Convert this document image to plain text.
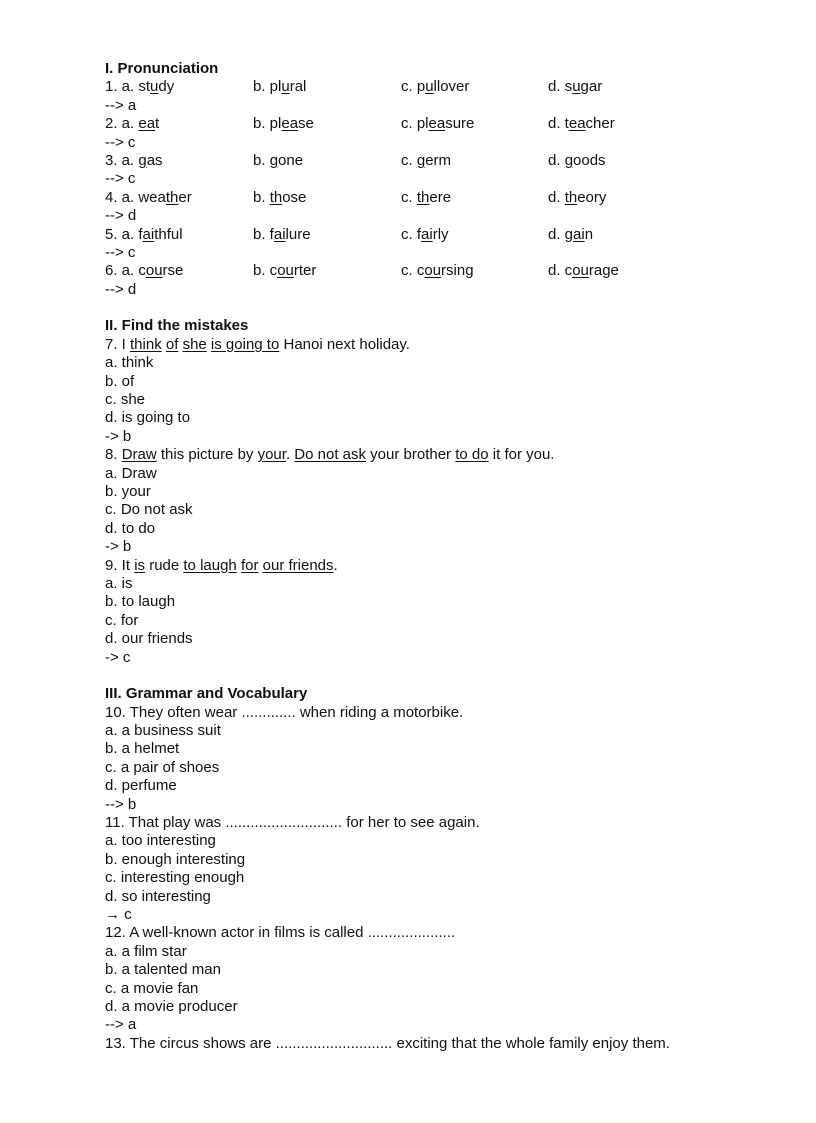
I. Pronunciation
1. a. study	b. plural	c. pullover	d. sugar
--> a
2. a. eat	b. please	c. pleasure	d. teacher
--> c
3. a. gas	b. gone	c. germ	d. goods
--> c
4. a. weather	b. those	c. there	d. theory
--> d
5. a. faithful	b. failure	c. fairly	d. gain
--> c
6. a. course	b. courter	c. coursing	d. courage
--> d
II. Find the mistakes
7. I think of she is going to Hanoi next holiday.
a. think
b. of
c. she
d. is going to
-> b
8. Draw this picture by your. Do not ask your brother to do it for you.
a. Draw
b. your
c. Do not ask
d. to do
-> b
9. It is rude to laugh for our friends.
a. is
b. to laugh
c. for
d. our friends
-> c
III. Grammar and Vocabulary
10. They often wear ............. when riding a motorbike.
a. a business suit
b. a helmet
c. a pair of shoes
d. perfume
--> b
11. That play was ............................ for her to see again.
a. too interesting
b. enough interesting
c. interesting enough
d. so interesting
→ c
12. A well-known actor in films is called .....................
a. a film star
b. a talented man
c. a movie fan
d. a movie producer
--> a
13. The circus shows are ............................ exciting that the whole family enjoy them.
